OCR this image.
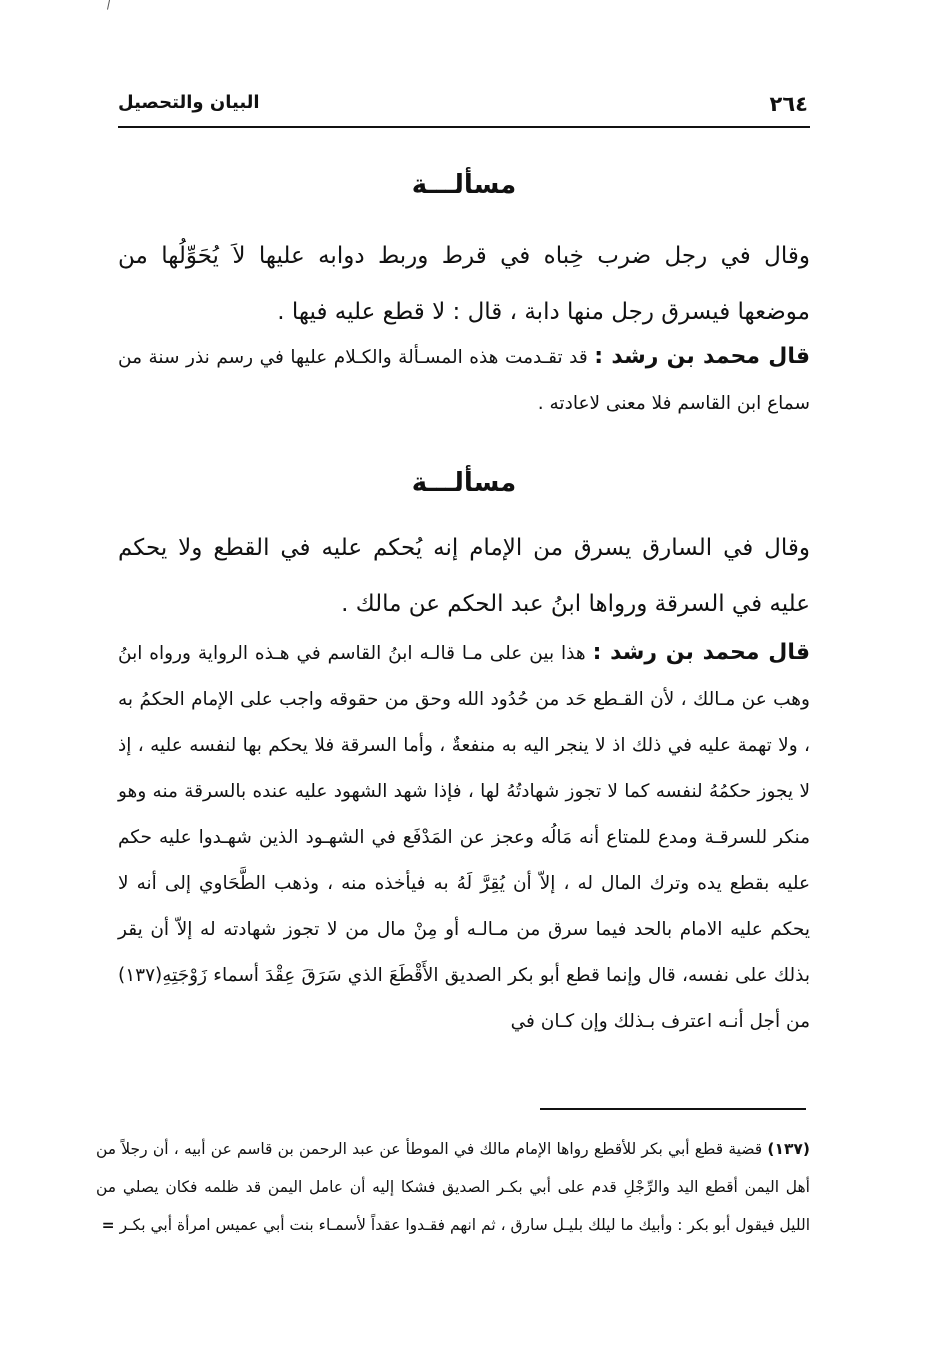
٢٦٤
البيان والتحصيل
مسألـــة
وقال في رجل ضرب خِباه في قرط وربط دوابه عليها لاَ يُحَوِّلُها من موضعها فيسرق رجل منها دابة ، قال : لا قطع عليه فيها .
قال محمد بن رشد : قد تقـدمت هذه المسـألة والكـلام عليها في رسم نذر سنة من سماع ابن القاسم فلا معنى لاعادته .
مسألـــة
وقال في السارق يسرق من الإمام إنه يُحكم عليه في القطع ولا يحكم عليه في السرقة ورواها ابنُ عبد الحكم عن مالك .
قال محمد بن رشد : هذا بين على مـا قالـه ابنُ القاسم في هـذه الرواية ورواه ابنُ وهب عن مـالك ، لأن القـطع حَد من حُدُود الله وحق من حقوقه واجب على الإمام الحكمُ به ، ولا تهمة عليه في ذلك اذ لا ينجر اليه به منفعةٌ ، وأما السرقة فلا يحكم بها لنفسه عليه ، إذ لا يجوز حكمُهُ لنفسه كما لا تجوز شهادتُهُ لها ، فإذا شهد الشهود عليه عنده بالسرقة منه وهو منكر للسرقـة ومدع للمتاع أنه مَالُه وعجز عن المَدْفَع في الشهـود الذين شهـدوا عليه حكم عليه بقطع يده وترك المال له ، إلاّ أن يُقِرَّ لَهُ به فيأخذه منه ، وذهب الطَّحَاوي إلى أنه لا يحكم عليه الامام بالحد فيما سرق من مـالـه أو مِنْ مال من لا تجوز شهادته له إلاّ أن يقر بذلك على نفسه، قال وإنما قطع أبو بكر الصديق الأَقْطَعَ الذي سَرَقَ عِقْدَ أسماء زَوْجَتِهِ(١٣٧) من أجل أنـه اعترف بـذلك وإن كـان في
(١٣٧) قضية قطع أبي بكر للأقطع رواها الإمام مالك في الموطأ عن عبد الرحمن بن قاسم عن أبيه ، أن رجلاً من أهل اليمن أقطع اليد والرِّجْلِ قدم على أبي بكـر الصديق فشكا إليه أن عامل اليمن قد ظلمه فكان يصلي من الليل فيقول أبو بكر : وأبيك ما ليلك بليـل سارق ، ثم انهم فقـدوا عقداً لأسمـاء بنت أبي عميس امرأة أبي بكـر =
